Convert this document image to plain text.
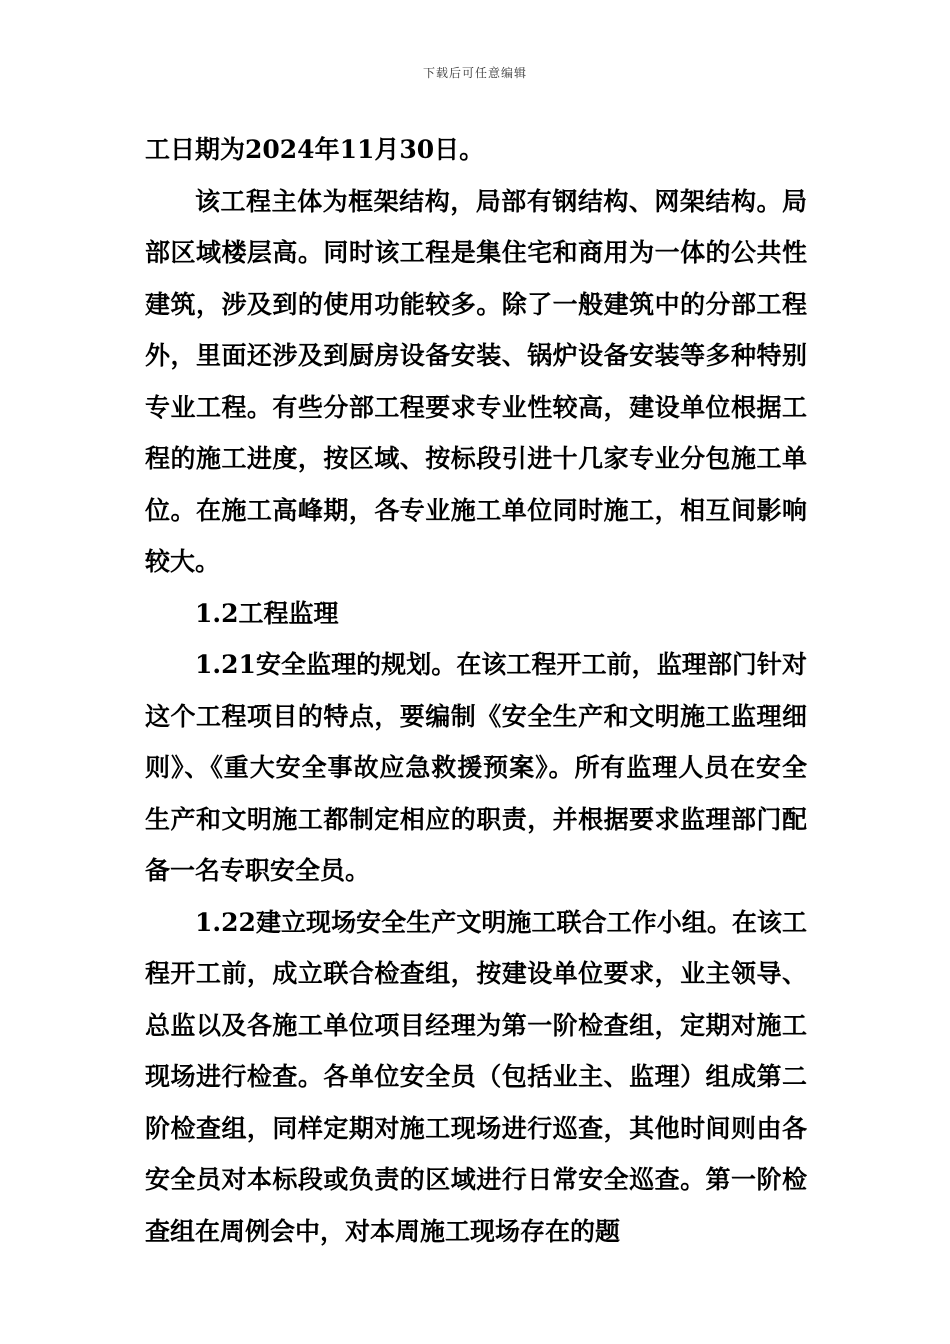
下载后可任意编辑

工日期为2024年11月30日。

该工程主体为框架结构，局部有钢结构、网架结构。局部区域楼层高。同时该工程是集住宅和商用为一体的公共性建筑，涉及到的使用功能较多。除了一般建筑中的分部工程外，里面还涉及到厨房设备安装、锅炉设备安装等多种特别专业工程。有些分部工程要求专业性较高，建设单位根据工程的施工进度，按区域、按标段引进十几家专业分包施工单位。在施工高峰期，各专业施工单位同时施工，相互间影响较大。

1.2工程监理

1.21安全监理的规划。在该工程开工前，监理部门针对这个工程项目的特点，要编制《安全生产和文明施工监理细则》、《重大安全事故应急救援预案》。所有监理人员在安全生产和文明施工都制定相应的职责，并根据要求监理部门配备一名专职安全员。

1.22建立现场安全生产文明施工联合工作小组。在该工程开工前，成立联合检查组，按建设单位要求，业主领导、总监以及各施工单位项目经理为第一阶检查组，定期对施工现场进行检查。各单位安全员（包括业主、监理）组成第二阶检查组，同样定期对施工现场进行巡查，其他时间则由各安全员对本标段或负责的区域进行日常安全巡查。第一阶检查组在周例会中，对本周施工现场存在的题
